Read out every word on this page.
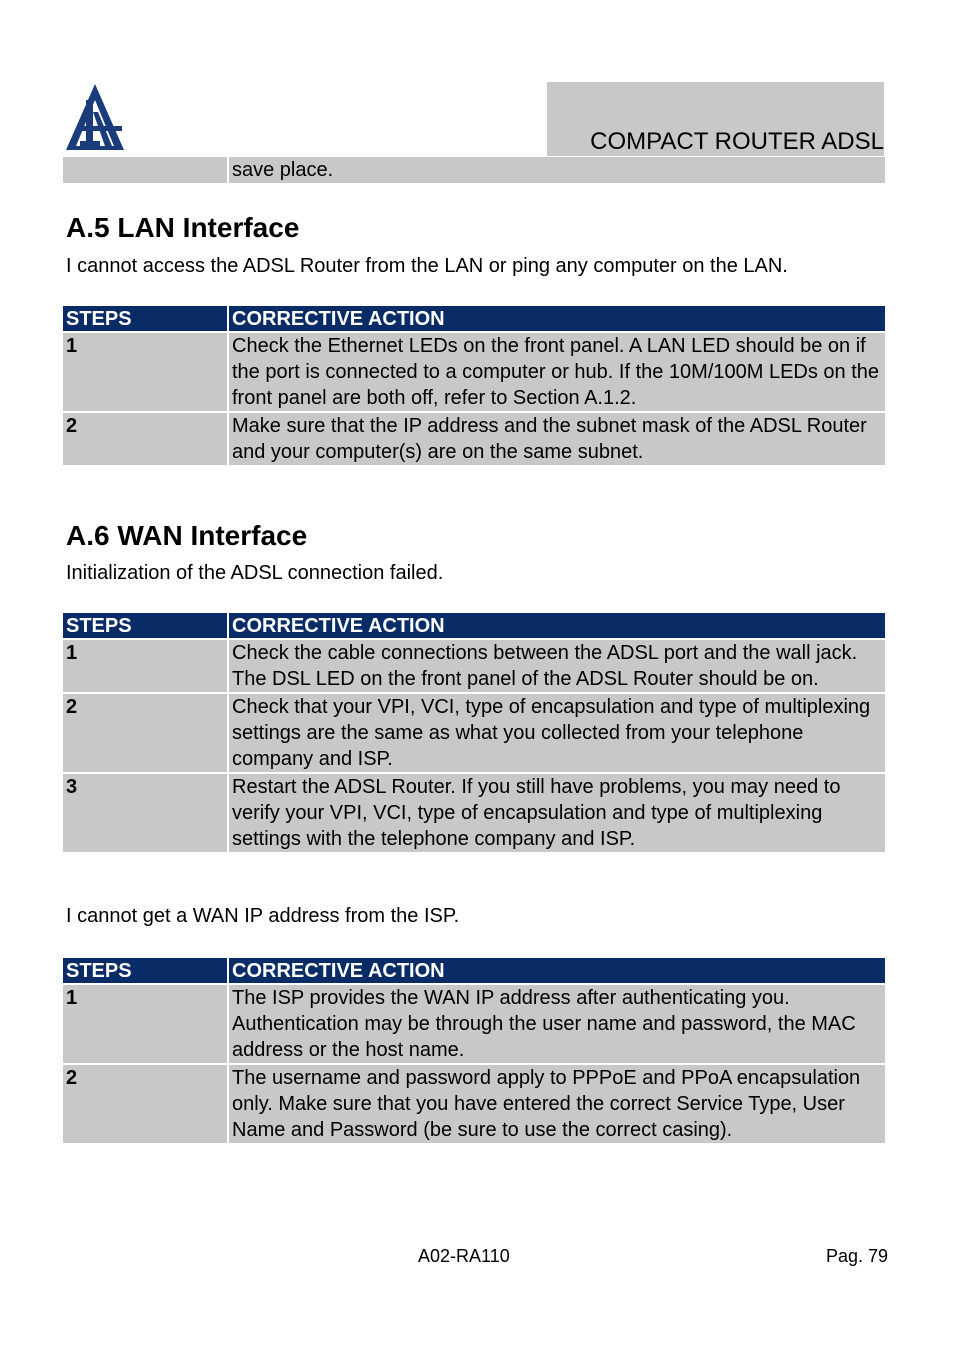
COMPACT ROUTER ADSL
save place.
A.5 LAN Interface

I cannot access the ADSL Router from the LAN or ping any computer on the LAN.

STEPS	CORRECTIVE ACTION
1	Check the Ethernet LEDs on the front panel. A LAN LED should be on if the port is connected to a computer or hub. If the 10M/100M LEDs on the front panel are both off, refer to Section A.1.2.
2	Make sure that the IP address and the subnet mask of the ADSL Router and your computer(s) are on the same subnet.
A.6 WAN Interface

Initialization of the ADSL connection failed.

STEPS	CORRECTIVE ACTION
1	Check the cable connections between the ADSL port and the wall jack. The DSL LED on the front panel of the ADSL Router should be on.
2	Check that your VPI, VCI, type of encapsulation and type of multiplexing settings are the same as what you collected from your telephone company and ISP.
3	Restart the ADSL Router. If you still have problems, you may need to verify your VPI, VCI, type of encapsulation and type of multiplexing settings with the telephone company and ISP.

I cannot get a WAN IP address from the ISP.

STEPS	CORRECTIVE ACTION
1	The ISP provides the WAN IP address after authenticating you. Authentication may be through the user name and password, the MAC address or the host name.
2	The username and password apply to PPPoE and PPoA encapsulation only. Make sure that you have entered the correct Service Type, User Name and Password (be sure to use the correct casing).
A02-RA110	Pag. 79
